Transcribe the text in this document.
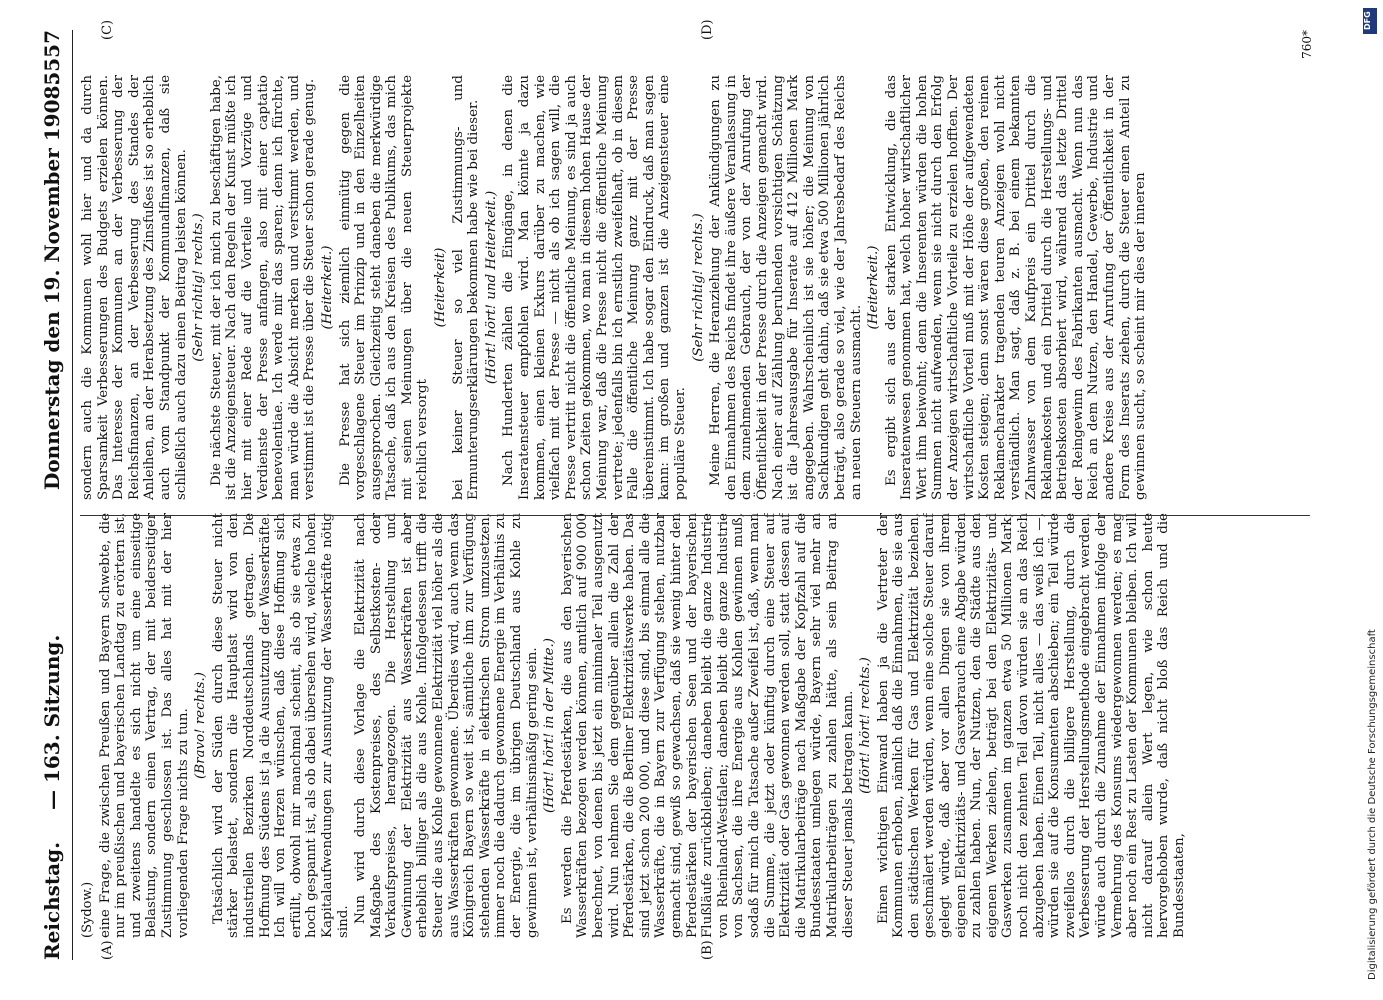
Reichstag.
— 163. Sitzung.
Donnerstag den 19. November 1908.
5557
(A)	(B)
(C)	(D)

(Sydow.) eine Frage, die zwischen Preußen und Bayern schwebte, die nur im preußischen und bayerischen Landtag zu erörtern ist, und zweitens handelte es sich nicht um eine einseitige Belastung, sondern einen Vertrag, der mit beiderseitiger Zustimmung geschlossen ist. Das alles hat mit der hier vorliegenden Frage nichts zu tun. (Bravo! rechts.) Tatsächlich wird der Süden durch diese Steuer nicht stärker belastet, sondern die Hauptlast wird von den industriellen Bezirken Norddeutschlands getragen. Die Hoffnung des Südens ist ja die Ausnutzung der Wasserkräfte. Ich will von Herzen wünschen, daß diese Hoffnung sich erfüllt, obwohl mir manchmal scheint, als ob sie etwas zu hoch gespannt ist, als ob dabei übersehen wird, welche hohen Kapitalaufwendungen zur Ausnutzung der Wasserkräfte nötig sind. Nun wird durch diese Vorlage die Elektrizität nach Maßgabe des Kostenpreises, des Selbstkosten- oder Verkaufspreises, herangezogen. Die Herstellung und Gewinnung der Elektrizität aus Wasserkräften ist aber erheblich billiger als die aus Kohle. Infolgedessen trifft die Steuer die aus Kohle gewonnene Elektrizität viel höher als die aus Wasserkräften gewonnene. Überdies wird, auch wenn das Königreich Bayern so weit ist, sämtliche ihm zur Verfügung stehenden Wasserkräfte in elektrischen Strom umzusetzen, immer noch die dadurch gewonnene Energie im Verhältnis zu der Energie, die im übrigen Deutschland aus Kohle zu gewinnen ist, verhältnismäßig gering sein. (Hört! hört! in der Mitte.) Es werden die Pferdestärken, die aus den bayerischen Wasserkräften bezogen werden können, amtlich auf 900 000 berechnet, von denen bis jetzt ein minimaler Teil ausgenutzt wird. Nun nehmen Sie dem gegenüber allein die Zahl der Pferdestärken, die die Berliner Elektrizitätswerke haben. Das sind jetzt schon 200 000, und diese sind, bis einmal alle die Wasserkräfte, die in Bayern zur Verfügung stehen, nutzbar gemacht sind, gewiß so gewachsen, daß sie wenig hinter den Pferdestärken der bayerischen Seen und der bayerischen Flußläufe zurückbleiben; daneben bleibt die ganze Industrie von Rheinland-Westfalen; daneben bleibt die ganze Industrie von Sachsen, die ihre Energie aus Kohlen gewinnen muß, sodaß für mich die Tatsache außer Zweifel ist, daß, wenn man die Summe, die jetzt oder künftig durch eine Steuer auf Elektrizität oder Gas gewonnen werden soll, statt dessen auf die Matrikularbeiträge nach Maßgabe der Kopfzahl auf die Bundesstaaten umlegen würde, Bayern sehr viel mehr an Matrikularbeiträgen zu zahlen hätte, als sein Beitrag an dieser Steuer jemals betragen kann. (Hört! hört! rechts.) Einen wichtigen Einwand haben ja die Vertreter der Kommunen erhoben, nämlich daß die Einnahmen, die sie aus den städtischen Werken für Gas und Elektrizität beziehen, geschmälert werden würden, wenn eine solche Steuer darauf gelegt würde, daß aber vor allen Dingen sie von ihrem eigenen Elektrizitäts- und Gasverbrauch eine Abgabe würden zu zahlen haben. Nun, der Nutzen, den die Städte aus den eigenen Werken ziehen, beträgt bei den Elektrizitäts- und Gaswerken zusammen im ganzen etwa 50 Millionen Mark; noch nicht den zehnten Teil davon würden sie an das Reich abzugeben haben. Einen Teil, nicht alles — das weiß ich —, würden sie auf die Konsumenten abschieben; ein Teil würde zweifellos durch die billigere Herstellung, durch die Verbesserung der Herstellungsmethode eingebracht werden, würde auch durch die Zunahme der Einnahmen infolge der Vermehrung des Konsums wiedergewonnen werden; es mag aber noch ein Rest zu Lasten der Kommunen bleiben. Ich will nicht darauf allein Wert legen, wie schon heute hervorgehoben wurde, daß nicht bloß das Reich und die Bundesstaaten,

sondern auch die Kommunen wohl hier und da durch Sparsamkeit Verbesserungen des Budgets erzielen können. Das Interesse der Kommunen an der Verbesserung der Reichsfinanzen, an der Verbesserung des Standes der Anleihen, an der Herabsetzung des Zinsfußes ist so erheblich auch vom Standpunkt der Kommunalfinanzen, daß sie schließlich auch dazu einen Beitrag leisten können. (Sehr richtig! rechts.) Die nächste Steuer, mit der ich mich zu beschäftigen habe, ist die Anzeigensteuer. Nach den Regeln der Kunst müßte ich hier mit einer Rede auf die Vorteile und Vorzüge und Verdienste der Presse anfangen, also mit einer captatio benevolentiae. Ich werde mir das sparen; denn ich fürchte, man würde die Absicht merken und verstimmt werden, und verstimmt ist die Presse über die Steuer schon gerade genug. (Heiterkeit.) Die Presse hat sich ziemlich einmütig gegen die vorgeschlagene Steuer im Prinzip und in den Einzelheiten ausgesprochen. Gleichzeitig steht daneben die merkwürdige Tatsache, daß ich aus den Kreisen des Publikums, das mich mit seinen Meinungen über die neuen Steuerprojekte reichlich versorgt

(Heiterkeit) bei keiner Steuer so viel Zustimmungs- und Ermunterungserklärungen bekommen habe wie bei dieser. (Hört! hört! und Heiterkeit.) Nach Hunderten zählen die Eingänge, in denen die Inseratensteuer empfohlen wird. Man könnte ja dazu kommen, einen kleinen Exkurs darüber zu machen, wie vielfach mit der Presse — nicht als ob ich sagen will, die Presse vertritt nicht die öffentliche Meinung, es sind ja auch schon Zeiten gekommen, wo man in diesem hohen Hause der Meinung war, daß die Presse nicht die öffentliche Meinung vertrete; jedenfalls bin ich ernstlich zweifelhaft, ob in diesem Falle die öffentliche Meinung ganz mit der Presse übereinstimmt. Ich habe sogar den Eindruck, daß man sagen kann: im großen und ganzen ist die Anzeigensteuer eine populäre Steuer.

(Sehr richtig! rechts.) Meine Herren, die Heranziehung der Ankündigungen zu den Einnahmen des Reichs findet ihre äußere Veranlassung in dem zunehmenden Gebrauch, der von der Anrufung der Öffentlichkeit in der Presse durch die Anzeigen gemacht wird. Nach einer auf Zählung beruhenden vorsichtigen Schätzung ist die Jahresausgabe für Inserate auf 412 Millionen Mark angegeben. Wahrscheinlich ist sie höher; die Meinung von Sachkundigen geht dahin, daß sie etwa 500 Millionen jährlich beträgt, also gerade so viel, wie der Jahresbedarf des Reichs an neuen Steuern ausmacht.

(Heiterkeit.) Es ergibt sich aus der starken Entwicklung, die das Inseratenwesen genommen hat, welch hoher wirtschaftlicher Wert ihm beiwohnt; denn die Inserenten würden die hohen Summen nicht aufwenden, wenn sie nicht durch den Erfolg der Anzeigen wirtschaftliche Vorteile zu erzielen hofften. Der wirtschaftliche Vorteil muß mit der Höhe der aufgewendeten Kosten steigen; denn sonst wären diese großen, den reinen Reklamecharakter tragenden teuren Anzeigen wohl nicht verständlich. Man sagt, daß z. B. bei einem bekannten Zahnwasser von dem Kaufpreis ein Drittel durch die Reklamekosten und ein Drittel durch die Herstellungs- und Betriebskosten absorbiert wird, während das letzte Drittel der Reingewinn des Fabrikanten ausmacht. Wenn nun das Reich an dem Nutzen, den Handel, Gewerbe, Industrie und andere Kreise aus der Anrufung der Öffentlichkeit in der Form des Inserats ziehen, durch die Steuer einen Anteil zu gewinnen sucht, so scheint mir dies der inneren

760*
DFG
Digitalisierung gefördert durch die Deutsche Forschungsgemeinschaft
